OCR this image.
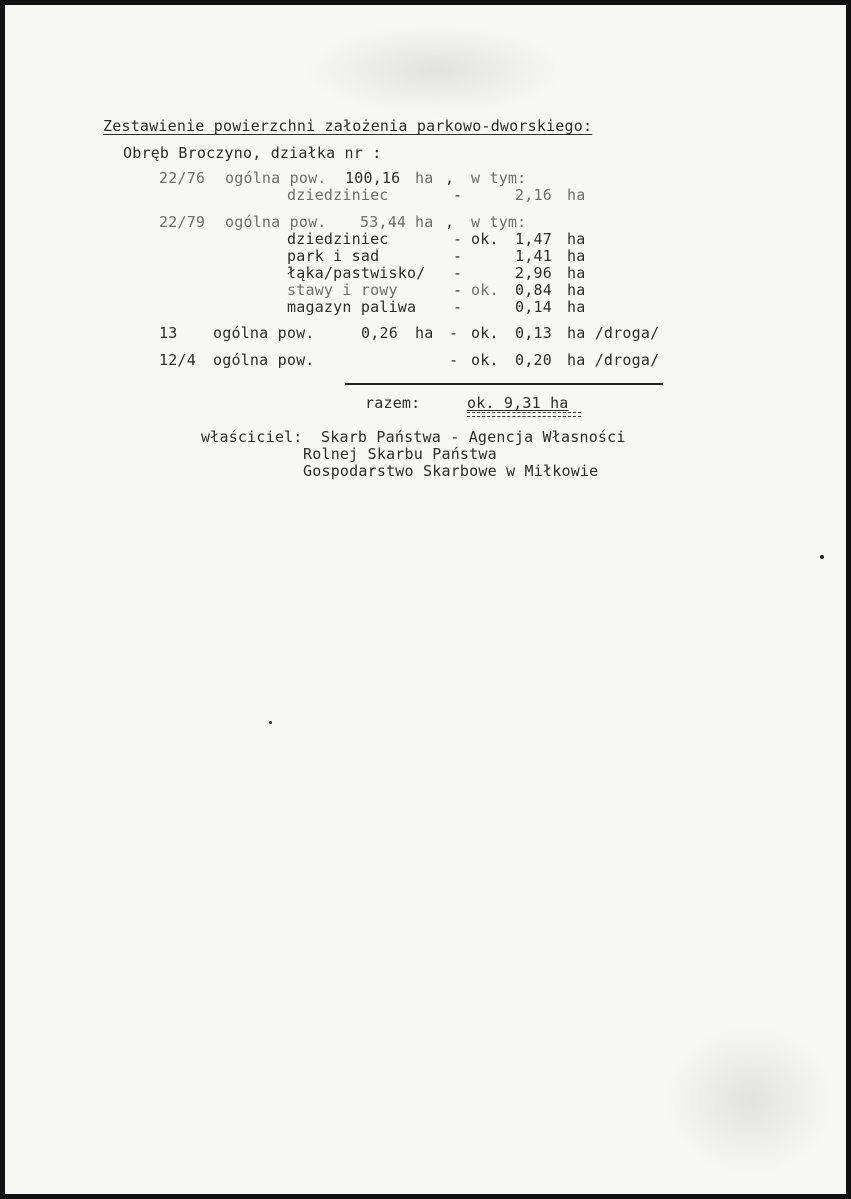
Zestawienie powierzchni założenia parkowo-dworskiego:
Obręb Broczyno, działka nr :
22/76 ogólna pow. 100,16 ha , w tym:
dziedziniec	-	2,16 ha
22/79 ogólna pow. 53,44 ha , w tym:
dziedziniec	- ok. 1,47 ha
park i sad	-	1,41 ha
łąka/pastwisko/ -	2,96 ha
stawy i rowy	- ok. 0,84 ha
magazyn paliwa -	0,14 ha
13 ogólna pow.	0,26 ha - ok. 0,13 ha /droga/
12/4 ogólna pow.	- ok. 0,20 ha /droga/
razem:	ok. 9,31 ha
właściciel: Skarb Państwa - Agencja Własności
Rolnej Skarbu Państwa
Gospodarstwo Skarbowe w Miłkowie
